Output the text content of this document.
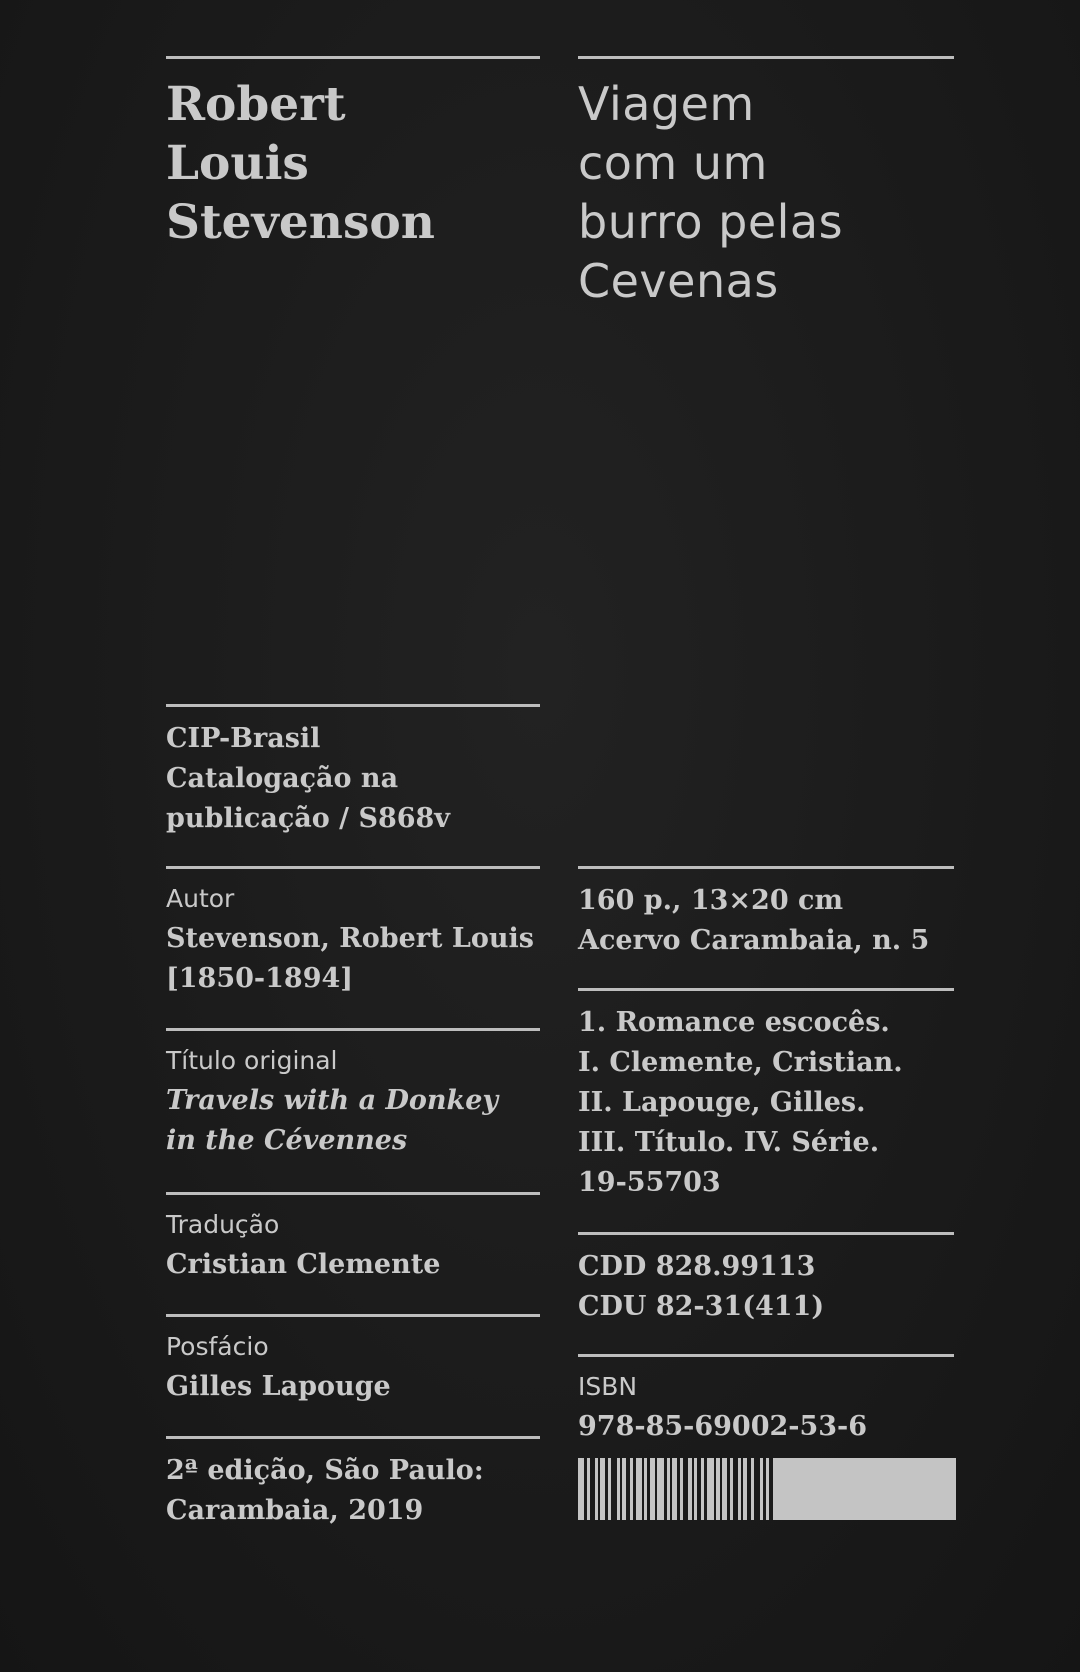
Robert
Louis
Stevenson
Viagem
com um
burro pelas
Cevenas
CIP-Brasil
Catalogação na
publicação / S868v
Autor
Stevenson, Robert Louis
[1850-1894]
Título original
Travels with a Donkey
in the Cévennes
Tradução
Cristian Clemente
Posfácio
Gilles Lapouge
2ª edição, São Paulo:
Carambaia, 2019
160 p., 13×20 cm
Acervo Carambaia, n. 5
1. Romance escocês.
I. Clemente, Cristian.
II. Lapouge, Gilles.
III. Título. IV. Série.
19-55703
CDD 828.99113
CDU 82-31(411)
ISBN
978-85-69002-53-6
